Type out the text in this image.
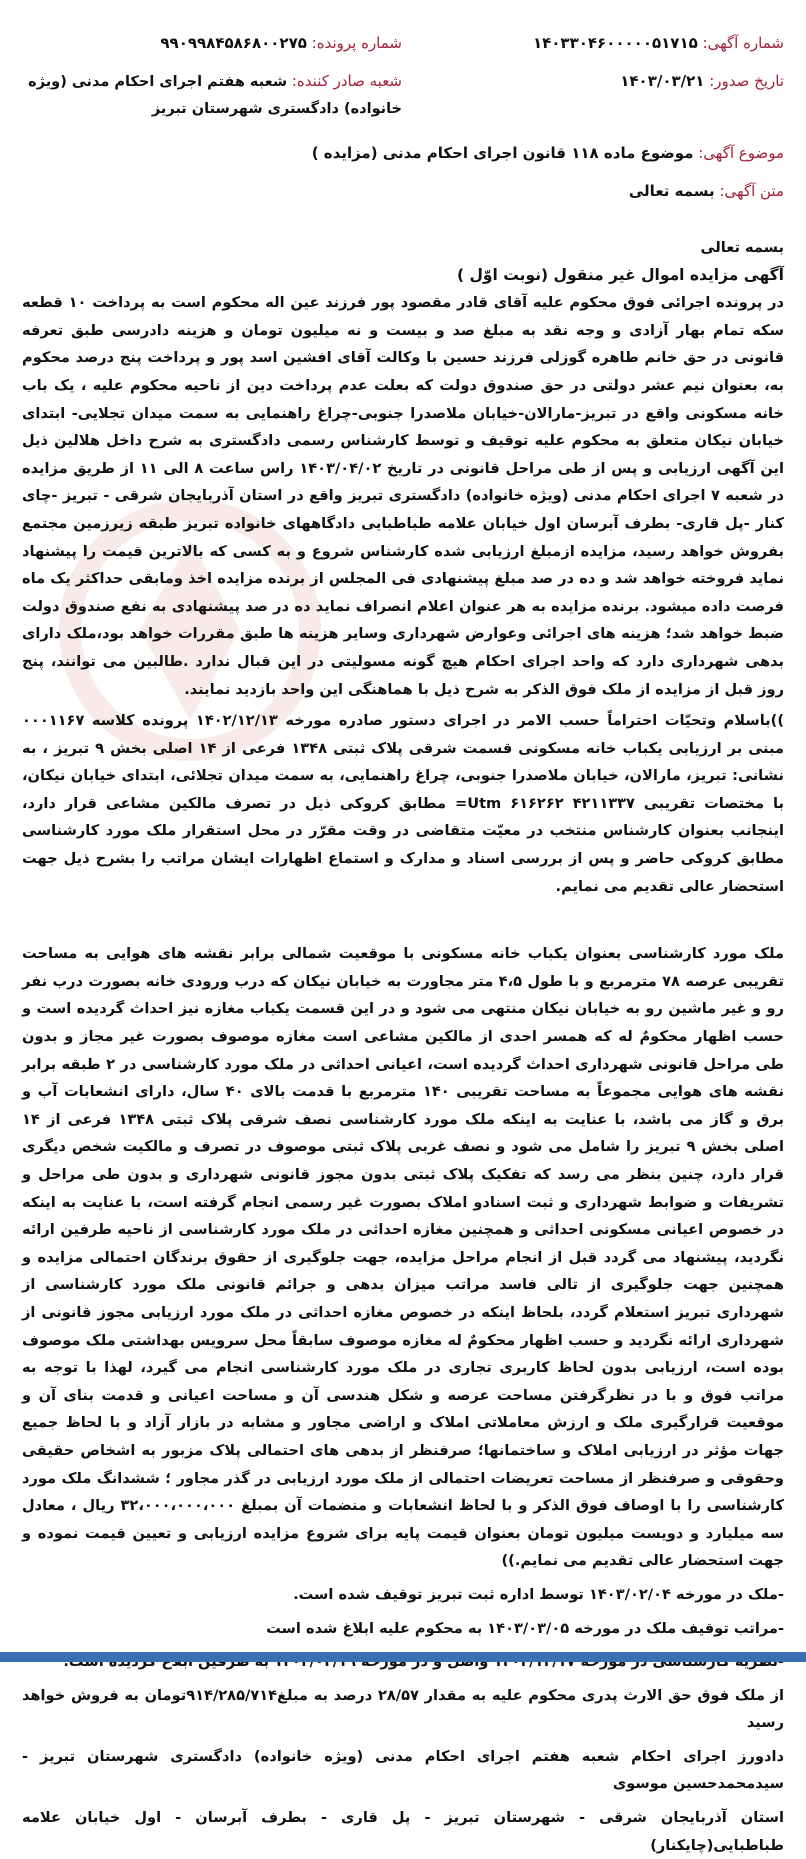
شماره آگهی: ۱۴۰۳۳۰۴۶۰۰۰۰۰۵۱۷۱۵
شماره پرونده: ۹۹۰۹۹۸۴۵۸۶۸۰۰۲۷۵
تاریخ صدور: ۱۴۰۳/۰۳/۲۱
شعبه صادر کننده: شعبه هفتم اجرای احکام مدنی (ویژه خانواده) دادگستری شهرستان تبریز
موضوع آگهی: موضوع ماده ۱۱۸ قانون اجرای احکام مدنی (مزایده )
متن آگهی: بسمه تعالی

بسمه تعالی

آگهی مزایده اموال غیر منقول (نوبت اوّل )

در پرونده اجرائی فوق محکوم علیه آقای قادر مقصود پور فرزند عین اله محکوم است به پرداخت ۱۰ قطعه سکه تمام بهار آزادی و وجه نقد به مبلغ صد و بیست و نه میلیون تومان و هزینه دادرسی طبق تعرفه قانونی در حق خانم طاهره گوزلی فرزند حسین با وکالت آقای افشین اسد پور و پرداخت پنج درصد محکوم به، بعنوان نیم عشر دولتی در حق صندوق دولت که بعلت عدم پرداخت دین از ناحیه محکوم علیه ، یک باب خانه مسکونی واقع در تبریز-مارالان-خیابان ملاصدرا جنوبی-چراغ راهنمایی به سمت میدان تجلایی- ابتدای خیابان نیکان متعلق به محکوم علیه توقیف و توسط کارشناس رسمی دادگستری به شرح داخل هلالین ذیل این آگهی ارزیابی و پس از طی مراحل قانونی در تاریخ ۱۴۰۳/۰۴/۰۲ راس ساعت ۸ الی ۱۱ از طریق مزایده در شعبه ۷ اجرای احکام مدنی (ویژه خانواده) دادگستری تبریز واقع در استان آذربایجان شرقی - تبریز -چای کنار -پل قاری- بطرف آبرسان اول خیابان علامه طباطبایی دادگاههای خانواده تبریز طبقه زیرزمین مجتمع بفروش خواهد رسید، مزایده ازمبلغ ارزیابی شده کارشناس شروع و به کسی که بالاترین قیمت را پیشنهاد نماید فروخته خواهد شد و ده در صد مبلغ پیشنهادی فی المجلس از برنده مزایده اخذ ومابقی حداکثر یک ماه فرصت داده میشود. برنده مزایده به هر عنوان اعلام انصراف نماید ده در صد پیشنهادی به نفع صندوق دولت ضبط خواهد شد؛ هزینه های اجرائی وعوارض شهرداری وسایر هزینه ها طبق مقررات خواهد بود،ملک دارای بدهی شهرداری دارد که واحد اجرای احکام هیچ گونه مسولیتی در این قبال ندارد .طالبین می توانند، پنج روز قبل از مزایده از ملک فوق الذکر به شرح ذیل با هماهنگی این واحد بازدید نمایند.

))باسلام وتحیّات احتراماً حسب الامر در اجرای دستور صادره مورخه ۱۴۰۲/۱۲/۱۳ پرونده کلاسه ۰۰۰۱۱۶۷ مبنی بر ارزیابی یکباب خانه مسکونی قسمت شرقی پلاک ثبتی ۱۳۴۸ فرعی از ۱۴ اصلی بخش ۹ تبریز ، به نشانی: تبریز، مارالان، خیابان ملاصدرا جنوبی، چراغ راهنمایی، به سمت میدان تجلائی، ابتدای خیابان نیکان، با مختصات تقریبی ۴۲۱۱۳۳۷ ۶۱۶۲۶۲ Utm= مطابق کروکی ذیل در تصرف مالکین مشاعی قرار دارد، اینجانب بعنوان کارشناس منتخب در معیّت متقاضی در وقت مقرّر در محل استقرار ملک مورد کارشناسی مطابق کروکی حاضر و پس از بررسی اسناد و مدارک و استماع اظهارات ایشان مراتب را بشرح ذیل جهت استحضار عالی تقدیم می نمایم.

ملک مورد کارشناسی بعنوان یکباب خانه مسکونی با موقعیت شمالی برابر نقشه های هوایی به مساحت تقریبی عرصه ۷۸ مترمربع و با طول ۴،۵ متر مجاورت به خیابان نیکان که درب ورودی خانه بصورت درب نفر رو و غیر ماشین رو به خیابان نیکان منتهی می شود و در این قسمت یکباب مغازه نیز احداث گردیده است و حسب اظهار محکومٌ له که همسر احدی از مالکین مشاعی است مغازه موصوف بصورت غیر مجاز و بدون طی مراحل قانونی شهرداری احداث گردیده است، اعیانی احداثی در ملک مورد کارشناسی در ۲ طبقه برابر نقشه های هوایی مجموعاً به مساحت تقریبی ۱۴۰ مترمربع با قدمت بالای ۴۰ سال، دارای انشعابات آب و برق و گاز می باشد، با عنایت به اینکه ملک مورد کارشناسی نصف شرقی پلاک ثبتی ۱۳۴۸ فرعی از ۱۴ اصلی بخش ۹ تبریز را شامل می شود و نصف غربی پلاک ثبتی موصوف در تصرف و مالکیت شخص دیگری قرار دارد، چنین بنظر می رسد که تفکیک پلاک ثبتی بدون مجوز قانونی شهرداری و بدون طی مراحل و تشریفات و ضوابط شهرداری و ثبت اسنادو املاک بصورت غیر رسمی انجام گرفته است، با عنایت به اینکه در خصوص اعیانی مسکونی احداثی و همچنین مغازه احداثی در ملک مورد کارشناسی از ناحیه طرفین ارائه نگردید، پیشنهاد می گردد قبل از انجام مراحل مزایده، جهت جلوگیری از حقوق برندگان احتمالی مزایده و همچنین جهت جلوگیری از تالی فاسد مراتب میزان بدهی و جرائم قانونی ملک مورد کارشناسی از شهرداری تبریز استعلام گردد، بلحاظ اینکه در خصوص مغازه احداثی در ملک مورد ارزیابی مجوز قانونی از شهرداری ارائه نگردید و حسب اظهار محکومٌ له مغازه موصوف سابقاً محل سرویس بهداشتی ملک موصوف بوده است، ارزیابی بدون لحاظ کاربری تجاری در ملک مورد کارشناسی انجام می گیرد، لهذا با توجه به مراتب فوق و با در نظرگرفتن مساحت عرصه و شکل هندسی آن و مساحت اعیانی و قدمت بنای آن و موقعیت قرارگیری ملک و ارزش معاملاتی املاک و اراضی مجاور و مشابه در بازار آزاد و با لحاظ جمیع جهات مؤثر در ارزیابی املاک و ساختمانها؛ صرفنظر از بدهی های احتمالی پلاک مزبور به اشخاص حقیقی وحقوقی و صرفنظر از مساحت تعریضات احتمالی از ملک مورد ارزیابی در گذر مجاور ؛ ششدانگ ملک مورد کارشناسی را با اوصاف فوق الذکر و با لحاظ انشعابات و منضمات آن بمبلغ ۳۲،۰۰۰،۰۰۰،۰۰۰ ریال ، معادل سه میلیارد و دویست میلیون تومان بعنوان قیمت پایه برای شروع مزایده ارزیابی و تعیین قیمت نموده و جهت استحضار عالی تقدیم می نمایم.))

-ملک در مورخه ۱۴۰۳/۰۲/۰۴ توسط اداره ثبت تبریز توقیف شده است.

-مراتب توقیف ملک در مورخه ۱۴۰۳/۰۳/۰۵ به محکوم علیه ابلاغ شده است

از ملک فوق حق الارث پدری محکوم علیه به مقدار ۲۸/۵۷ درصد به مبلغ۹۱۴/۲۸۵/۷۱۴تومان به فروش خواهد رسید

دادورز اجرای احکام شعبه هفتم اجرای احکام مدنی (ویژه خانواده) دادگستری شهرستان تبریز - سیدمحمدحسین موسوی

استان آذربایجان شرقی - شهرستان تبریز - پل قاری - بطرف آبرسان - اول خیابان علامه طباطبایی(چایکنار)
